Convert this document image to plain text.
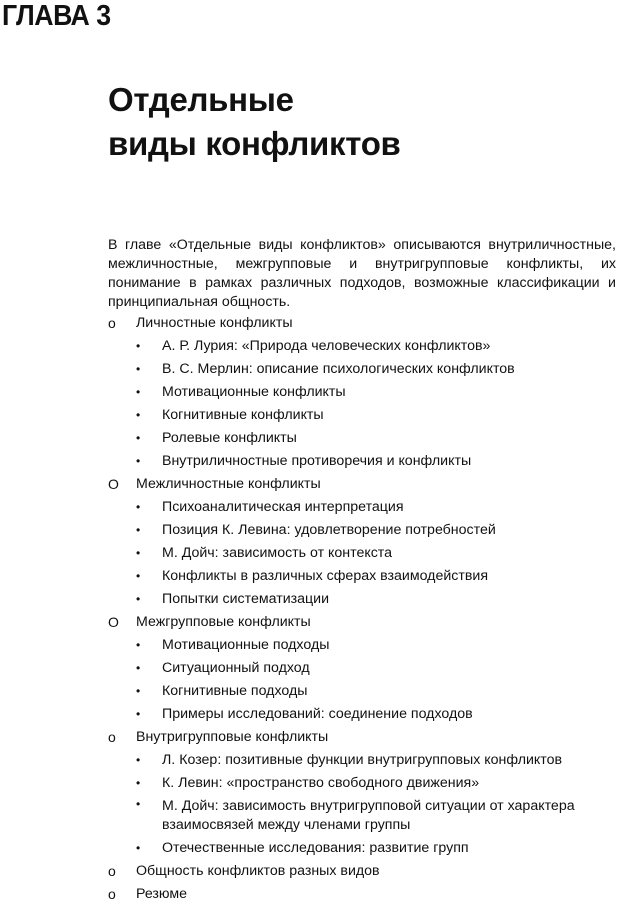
ГЛАВА 3
Отдельные
виды конфликтов
В главе «Отдельные виды конфликтов» описываются внутриличностные, межличностные, межгрупповые и внутригрупповые конфликты, их понимание в рамках различных подходов, возможные классификации и принципиальная общность.
o	Личностные конфликты
• А. Р. Лурия: «Природа человеческих конфликтов»
• В. С. Мерлин: описание психологических конфликтов
• Мотивационные конфликты
• Когнитивные конфликты
• Ролевые конфликты
• Внутриличностные противоречия и конфликты
O	Межличностные конфликты
• Психоаналитическая интерпретация
• Позиция К. Левина: удовлетворение потребностей
• М. Дойч: зависимость от контекста
• Конфликты в различных сферах взаимодействия
• Попытки систематизации
O	Межгрупповые конфликты
• Мотивационные подходы
• Ситуационный подход
• Когнитивные подходы
• Примеры исследований: соединение подходов
o	Внутригрупповые конфликты
• Л. Козер: позитивные функции внутригрупповых конфликтов
• К. Левин: «пространство свободного движения»
• М. Дойч: зависимость внутригрупповой ситуации от характера взаимосвязей между членами группы
• Отечественные исследования: развитие групп
o	Общность конфликтов разных видов
o	Резюме
